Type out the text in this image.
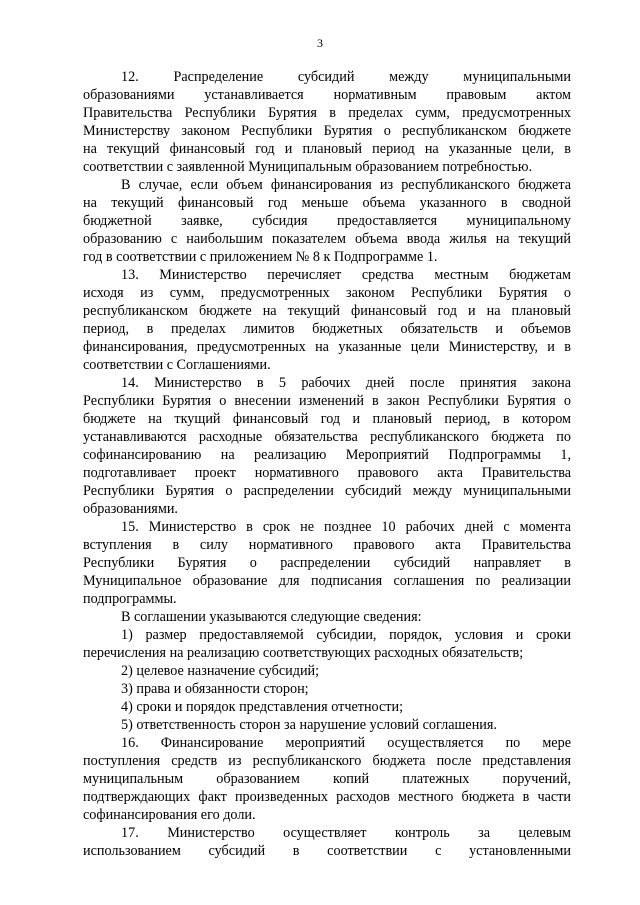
3
12. Распределение субсидий между муниципальными
образованиями устанавливается нормативным правовым актом
Правительства Республики Бурятия в пределах сумм, предусмотренных
Министерству законом Республики Бурятия о республиканском бюджете
на текущий финансовый год и плановый период на указанные цели, в
соответствии с заявленной Муниципальным образованием потребностью.
В случае, если объем финансирования из республиканского бюджета
на текущий финансовый год меньше объема указанного в сводной
бюджетной заявке, субсидия предоставляется муниципальному
образованию с наибольшим показателем объема ввода жилья на текущий
год в соответствии с приложением № 8 к Подпрограмме 1.
13. Министерство перечисляет средства местным бюджетам
исходя из сумм, предусмотренных законом Республики Бурятия о
республиканском бюджете на текущий финансовый год и на плановый
период, в пределах лимитов бюджетных обязательств и объемов
финансирования, предусмотренных на указанные цели Министерству, и в
соответствии с Соглашениями.
14. Министерство в 5 рабочих дней после принятия закона
Республики Бурятия о внесении изменений в закон Республики Бурятия о
бюджете на ткущий финансовый год и плановый период, в котором
устанавливаются расходные обязательства республиканского бюджета по
софинансированию на реализацию Мероприятий Подпрограммы 1,
подготавливает проект нормативного правового акта Правительства
Республики Бурятия о распределении субсидий между муниципальными
образованиями.
15. Министерство в срок не позднее 10 рабочих дней с момента
вступления в силу нормативного правового акта Правительства
Республики Бурятия о распределении субсидий направляет в
Муниципальное образование для подписания соглашения по реализации
подпрограммы.
В соглашении указываются следующие сведения:
1) размер предоставляемой субсидии, порядок, условия и сроки
перечисления на реализацию соответствующих расходных обязательств;
2) целевое назначение субсидий;
3) права и обязанности сторон;
4) сроки и порядок представления отчетности;
5) ответственность сторон за нарушение условий соглашения.
16. Финансирование мероприятий осуществляется по мере
поступления средств из республиканского бюджета после представления
муниципальным образованием копий платежных поручений,
подтверждающих факт произведенных расходов местного бюджета в части
софинансирования его доли.
17. Министерство осуществляет контроль за целевым
использованием субсидий в соответствии с установленными
